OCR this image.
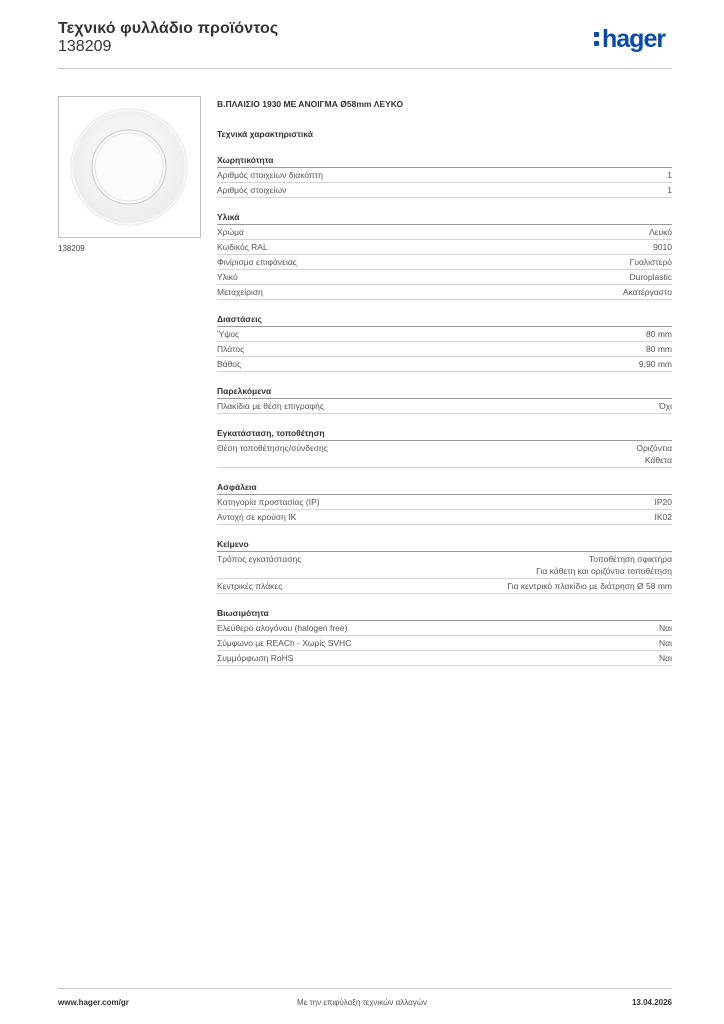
Τεχνικό φυλλάδιο προϊόντος
138209	hager
138209
Β.ΠΛΑΙΣΙΟ 1930 ΜΕ ΑΝΟΙΓΜΑ Ø58mm ΛΕΥΚΟ
Τεχνικά χαρακτηριστικά
Χωρητικότητα
Αριθμός στοιχείων διακόπτη	1
Αριθμός στοιχείων	1
Υλικά
Χρώμα	Λευκό
Κωδικός RAL	9010
Φινίρισμα επιφάνειας	Γυαλιστερό
Υλικό	Duroplastic
Μεταχείριση	Ακατέργαστο
Διαστάσεις
Ύψος	80 mm
Πλάτος	80 mm
Βάθος	9,90 mm
Παρελκόμενα
Πλακίδια με θέση επιγραφής	Όχι
Εγκατάσταση, τοποθέτηση
Θέση τοποθέτησης/σύνδεσης	Οριζόντια
Κάθετα
Ασφάλεια
Κατηγορία προστασίας (IP)	IP20
Αντοχή σε κρούση IK	IK02
Κείμενο
Τρόπος εγκατάστασης	Τοποθέτηση σφικτήρα
Για κάθετη και οριζόντια τοποθέτηση
Κεντρικές πλάκες	Για κεντρικό πλακίδιο με διάτρηση Ø 58 mm
Βιωσιμότητα
Ελεύθερο αλογόνου (halogen free)	Ναι
Σύμφωνο με REACh - Χωρίς SVHC	Ναι
Συμμόρφωση RoHS	Ναι
www.hager.com/gr	Με την επιφύλαξη τεχνικών αλλαγών	13.04.2026
